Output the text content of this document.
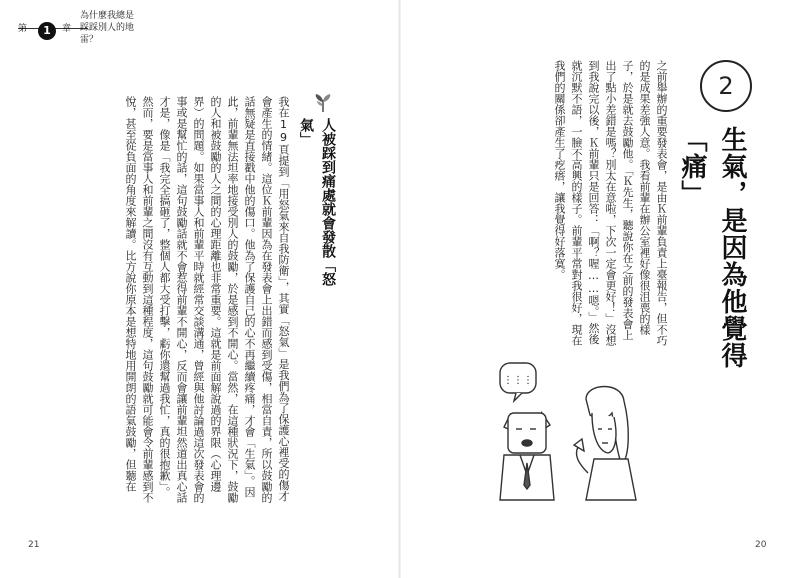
第	1	章
為什麼我總是踩踩別人的地雷？
我在19頁提到「用怒氣來自我防衛」，其實「怒氣」是我們為了保護心裡受的傷才會產生的情緒。這位Ｋ前輩因為在發表會上出錯而感到受傷，相當自責，所以鼓勵的話無疑是直接戳中他的傷口。他為了保護自己的心不再繼續疼痛，才會「生氣」。因此，前輩無法坦率地接受別人的鼓勵，於是感到不開心。當然，在這種狀況下，鼓勵的人和被鼓勵的人之間的心理距離也非常重要。這就是前面解說過的界限（心理邊界）的問題。如果當事人和前輩平時就經常交談溝通，曾經與他討論過這次發表會的事或是幫忙的話，這句鼓勵話就不會惹得前輩不開心，反而會讓前輩坦然道出真心話才是，像是「我完全搞砸了，整個人都大受打擊，虧你還幫過我忙，真的很抱歉」。然而，要是當事人和前輩之間沒有互動到這種程度，這句鼓勵就可能會令前輩感到不悅，甚至從負面的角度來解讀。比方說你原本是想特地用開朗的語氣鼓勵，但聽在	人被踩到痛處就會發散「怒氣」
21
2
生氣，是因為他覺得「痛」
之前舉辦的重要發表會，是由Ｋ前輩負責上臺報告，但不巧的是成果差強人意。我看前輩在辦公室裡好像很沮喪的樣子，於是就去鼓勵他。「Ｋ先生，聽說你在之前的發表會上出了點小差錯是嗎？別太在意啦，下次一定會更好！」沒想到我說完以後，Ｋ前輩只是回答：「啊？喔……嗯。」然後就沉默不語，一臉不高興的樣子。前輩平常對我很好，現在我們的關係卻產生了疙瘩，讓我覺得好落寞。
⋮⋮⋮
20
